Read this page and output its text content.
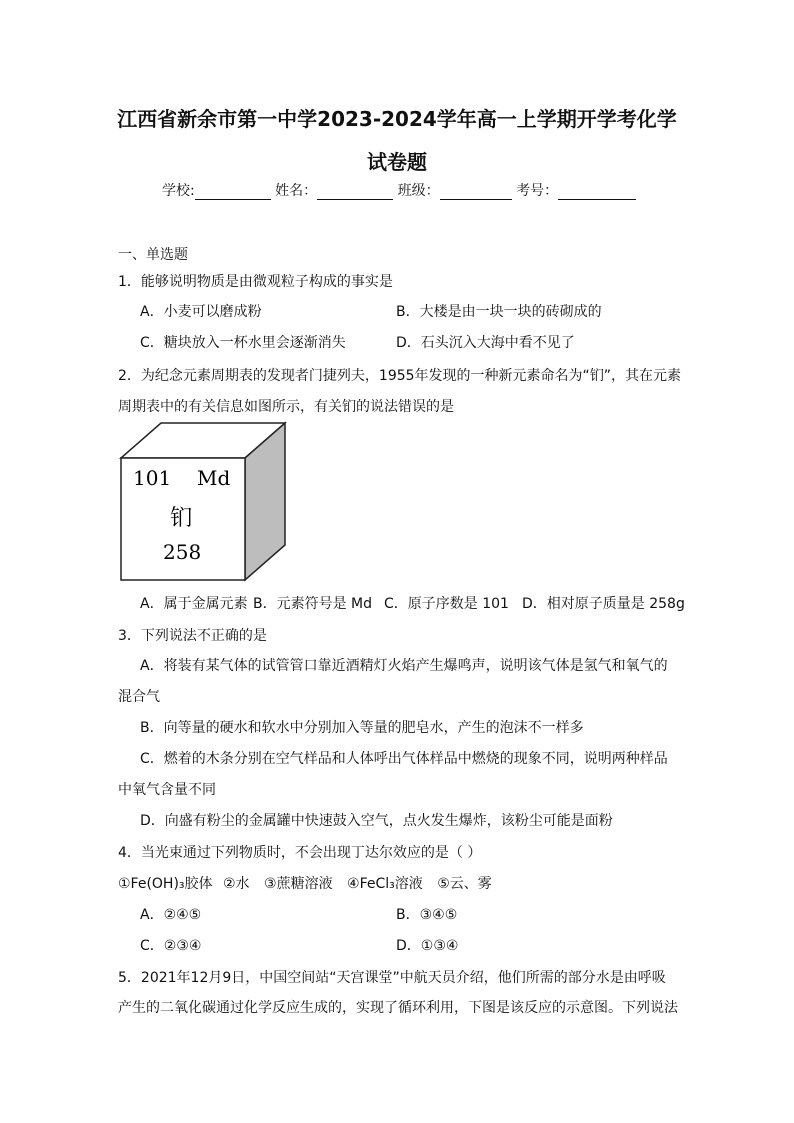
江西省新余市第一中学2023-2024学年高一上学期开学考化学
试卷题
学校:	姓名：	班级：	考号：
一、单选题
1．能够说明物质是由微观粒子构成的事实是
A．小麦可以磨成粉	B．大楼是由一块一块的砖砌成的
C．糖块放入一杯水里会逐渐消失	D．石头沉入大海中看不见了
2．为纪念元素周期表的发现者门捷列夫，1955年发现的一种新元素命名为“钔”，其在元素
周期表中的有关信息如图所示，有关钔的说法错误的是
101 Md
钔
258
A．属于金属元素 B．元素符号是 Md C．原子序数是 101 D．相对原子质量是 258g
3．下列说法不正确的是
A．将装有某气体的试管管口靠近酒精灯火焰产生爆鸣声，说明该气体是氢气和氧气的
混合气
B．向等量的硬水和软水中分别加入等量的肥皂水，产生的泡沫不一样多
C．燃着的木条分别在空气样品和人体呼出气体样品中燃烧的现象不同，说明两种样品
中氧气含量不同
D．向盛有粉尘的金属罐中快速鼓入空气，点火发生爆炸，该粉尘可能是面粉
4．当光束通过下列物质时，不会出现丁达尔效应的是（ ）
①Fe(OH)₃胶体 ②水 ③蔗糖溶液 ④FeCl₃溶液 ⑤云、雾
A．②④⑤	B．③④⑤
C．②③④	D．①③④
5．2021年12月9日，中国空间站“天宫课堂”中航天员介绍，他们所需的部分水是由呼吸
产生的二氧化碳通过化学反应生成的，实现了循环利用，下图是该反应的示意图。下列说法
